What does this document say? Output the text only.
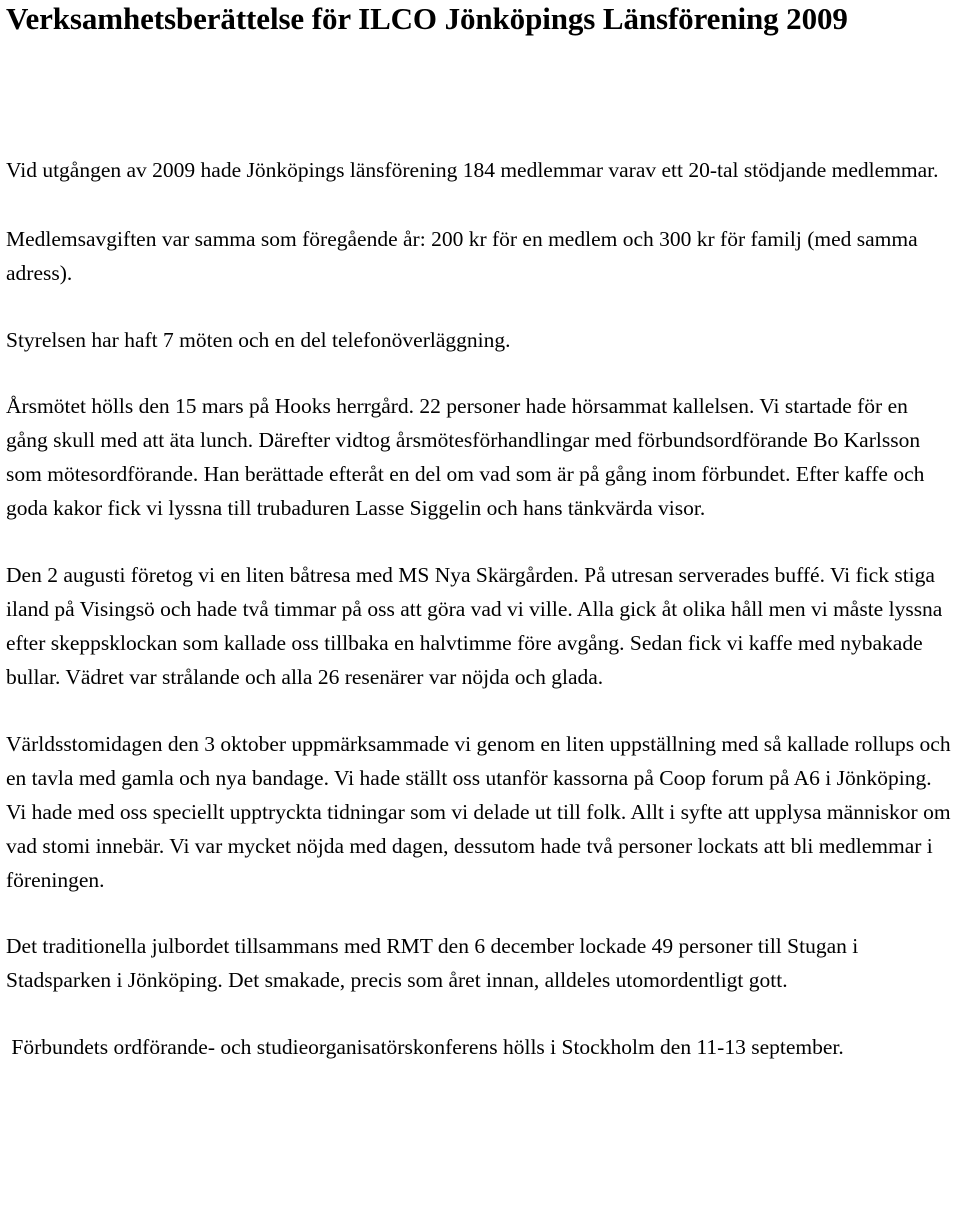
Verksamhetsberättelse för ILCO Jönköpings Länsförening 2009

Vid utgången av 2009 hade Jönköpings länsförening 184 medlemmar varav ett 20-tal stödjande medlemmar.

Medlemsavgiften var samma som föregående år: 200 kr för en medlem och 300 kr för familj (med samma adress).

Styrelsen har haft 7 möten och en del telefonöverläggning.

Årsmötet hölls den 15 mars på Hooks herrgård. 22 personer hade hörsammat kallelsen. Vi startade för en gång skull med att äta lunch. Därefter vidtog årsmötesförhandlingar med förbundsordförande Bo Karlsson som mötesordförande. Han berättade efteråt en del om vad som är på gång inom förbundet. Efter kaffe och goda kakor fick vi lyssna till trubaduren Lasse Siggelin och hans tänkvärda visor.

Den 2 augusti företog vi en liten båtresa med MS Nya Skärgården. På utresan serverades buffé. Vi fick stiga iland på Visingsö och hade två timmar på oss att göra vad vi ville. Alla gick åt olika håll men vi måste lyssna efter skeppsklockan som kallade oss tillbaka en halvtimme före avgång. Sedan fick vi kaffe med nybakade bullar. Vädret var strålande och alla 26 resenärer var nöjda och glada.

Världsstomidagen den 3 oktober uppmärksammade vi genom en liten uppställning med så kallade rollups och en tavla med gamla och nya bandage. Vi hade ställt oss utanför kassorna på Coop forum på A6 i Jönköping. Vi hade med oss speciellt upptryckta tidningar som vi delade ut till folk. Allt i syfte att upplysa människor om vad stomi innebär. Vi var mycket nöjda med dagen, dessutom hade två personer lockats att bli medlemmar i föreningen.

Det traditionella julbordet tillsammans med RMT den 6 december lockade 49 personer till Stugan i Stadsparken i Jönköping. Det smakade, precis som året innan, alldeles utomordentligt gott.

Förbundets ordförande- och studieorganisatörskonferens hölls i Stockholm den 11-13 september.
